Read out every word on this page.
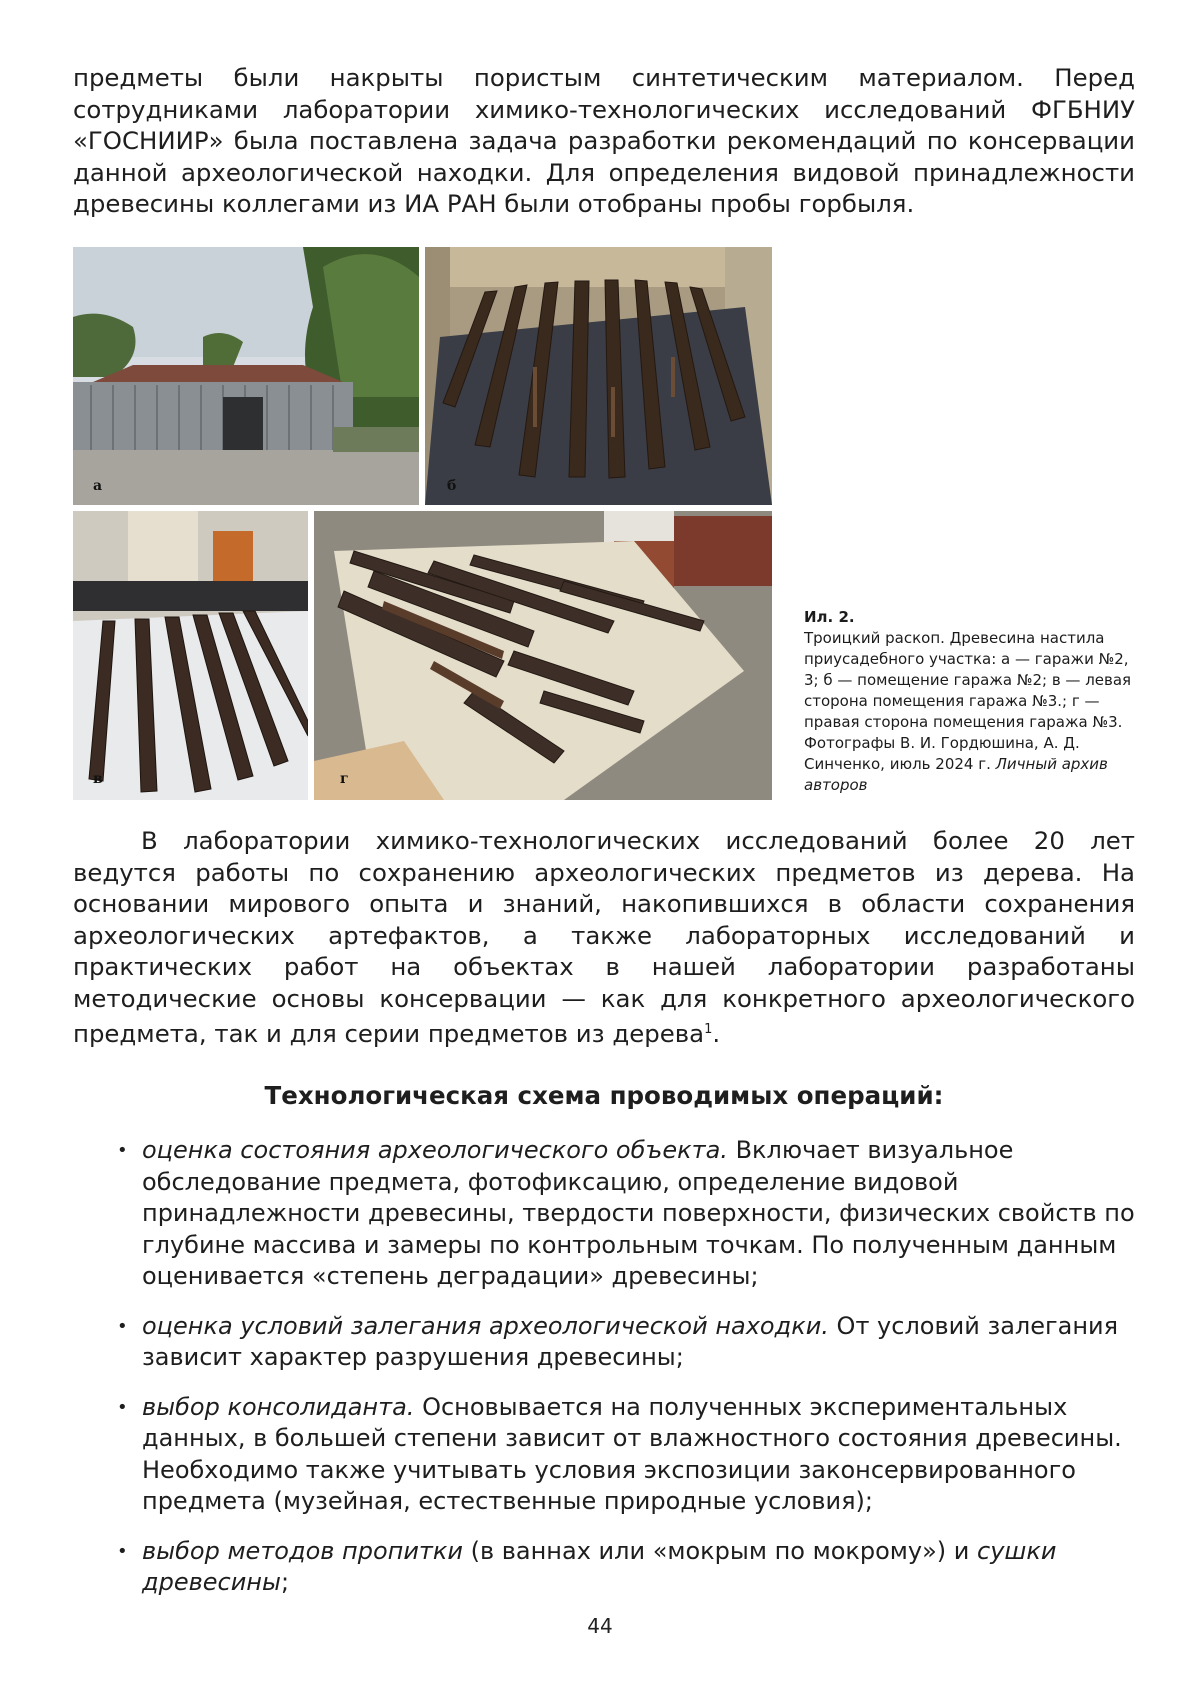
предметы были накрыты пористым синтетическим материалом. Перед сотрудниками лаборатории химико-технологических исследований ФГБНИУ «ГОСНИИР» была поставлена задача разработки рекомендаций по консервации данной археологической находки. Для определения видовой принадлежности древесины коллегами из ИА РАН были отобраны пробы горбыля.

а	б
в	г
Ил. 2.
Троицкий раскоп. Древесина настила приусадебного участка: а — гаражи №2, 3; б — помещение гаража №2; в — левая сторона помещения гаража №3.; г — правая сторона помещения гаража №3. Фотографы В. И. Гордюшина, А. Д. Синченко, июль 2024 г. Личный архив авторов

В лаборатории химико-технологических исследований более 20 лет ведутся работы по сохранению археологических предметов из дерева. На основании мирового опыта и знаний, накопившихся в области сохранения археологических артефактов, а также лабораторных исследований и практических работ на объектах в нашей лаборатории разработаны методические основы консервации — как для конкретного археологического предмета, так и для серии предметов из дерева$^1$.

Технологическая схема проводимых операций:
• оценка состояния археологического объекта. Включает визуальное обследование предмета, фотофиксацию, определение видовой принадлежности древесины, твердости поверхности, физических свойств по глубине массива и замеры по контрольным точкам. По полученным данным оценивается «степень деградации» древесины;
• оценка условий залегания археологической находки. От условий залегания зависит характер разрушения древесины;
• выбор консолиданта. Основывается на полученных экспериментальных данных, в большей степени зависит от влажностного состояния древесины. Необходимо также учитывать условия экспозиции законсервированного предмета (музейная, естественные природные условия);
• выбор методов пропитки (в ваннах или «мокрым по мокрому») и сушки древесины;
44
